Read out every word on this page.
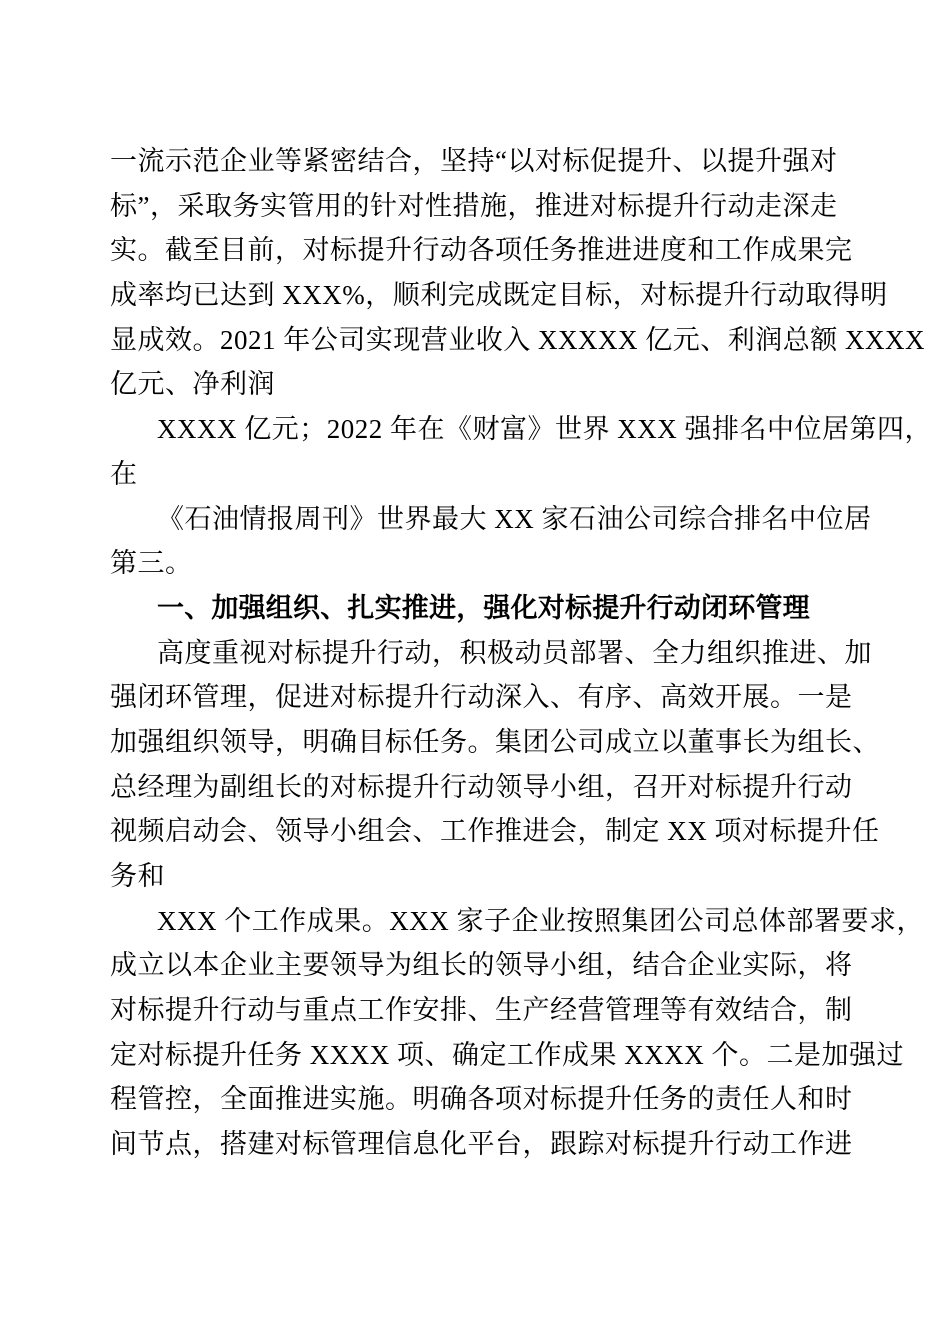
一流示范企业等紧密结合，坚持“以对标促提升、以提升强对
标”，采取务实管用的针对性措施，推进对标提升行动走深走
实。截至目前，对标提升行动各项任务推进进度和工作成果完
成率均已达到 XXX%，顺利完成既定目标，对标提升行动取得明
显成效。2021 年公司实现营业收入 XXXXX 亿元、利润总额 XXXX
亿元、净利润
XXXX 亿元；2022 年在《财富》世界 XXX 强排名中位居第四，
在
《石油情报周刊》世界最大 XX 家石油公司综合排名中位居
第三。
一、加强组织、扎实推进，强化对标提升行动闭环管理
高度重视对标提升行动，积极动员部署、全力组织推进、加
强闭环管理，促进对标提升行动深入、有序、高效开展。一是
加强组织领导，明确目标任务。集团公司成立以董事长为组长、
总经理为副组长的对标提升行动领导小组，召开对标提升行动
视频启动会、领导小组会、工作推进会，制定 XX 项对标提升任
务和
XXX 个工作成果。XXX 家子企业按照集团公司总体部署要求，
成立以本企业主要领导为组长的领导小组，结合企业实际，将
对标提升行动与重点工作安排、生产经营管理等有效结合，制
定对标提升任务 XXXX 项、确定工作成果 XXXX 个。二是加强过
程管控，全面推进实施。明确各项对标提升任务的责任人和时
间节点，搭建对标管理信息化平台，跟踪对标提升行动工作进
